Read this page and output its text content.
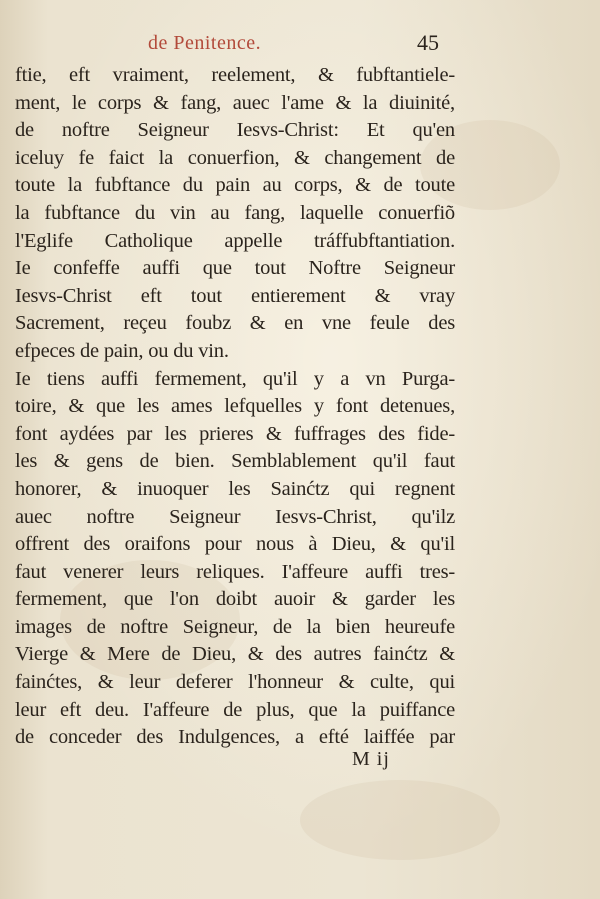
de Penitence.	45
ftie, eft vraiment, reelement, & fubftantiele-
ment, le corps & fang, auec l'ame & la diuinité,
de noftre Seigneur Iesvs-Christ: Et qu'en
iceluy fe faict la conuerfion, & changement de
toute la fubftance du pain au corps, & de toute
la fubftance du vin au fang, laquelle conuerfiõ
l'Eglife Catholique appelle tráffubftantiation.
Ie confeffe auffi que tout Noftre Seigneur
Iesvs-Christ eft tout entierement & vray
Sacrement, reçeu foubz & en vne feule des
efpeces de pain, ou du vin.
Ie tiens auffi fermement, qu'il y a vn Purga-
toire, & que les ames lefquelles y font detenues,
font aydées par les prieres & fuffrages des fide-
les & gens de bien. Semblablement qu'il faut
honorer, & inuoquer les Sainćtz qui regnent
auec noftre Seigneur Iesvs-Christ, qu'ilz
offrent des oraifons pour nous à Dieu, & qu'il
faut venerer leurs reliques. I'affeure auffi tres-
fermement, que l'on doibt auoir & garder les
images de noftre Seigneur, de la bien heureufe
Vierge & Mere de Dieu, & des autres fainćtz &
fainćtes, & leur deferer l'honneur & culte, qui
leur eft deu. I'affeure de plus, que la puiffance
de conceder des Indulgences, a efté laiffée par
M ij
